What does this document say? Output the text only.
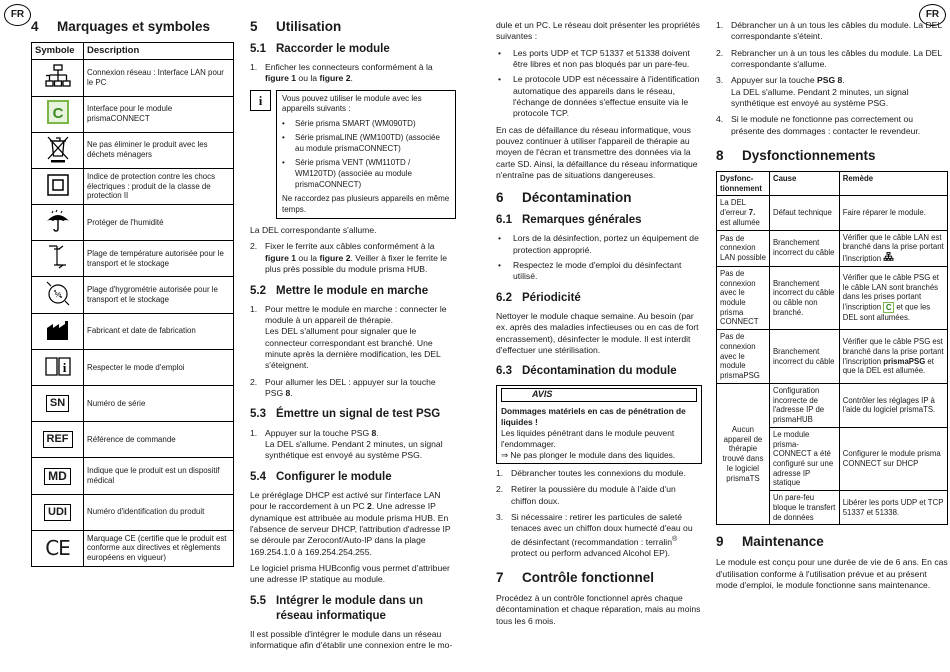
FR	FR
4	Marquages et symboles
Symbole	Description

	Connexion réseau : Interface LAN pour le PC

C	Interface pour le module prismaCONNECT

	Ne pas éliminer le produit avec les déchets ménagers

	Indice de protection contre les chocs électriques : produit de la classe de protection II

	Protéger de l'humidité

	Plage de température autorisée pour le transport et le stockage

%	Plage d'hygrométrie autorisée pour le transport et le stockage

	Fabricant et date de fabrication

i	Respecter le mode d'emploi
SN	Numéro de série
REF	Référence de commande
MD	Indique que le produit est un dispositif médical
UDI	Numéro d'identification du produit
CE	Marquage CE (certifie que le produit est conforme aux directives et règlements européens en vigueur)
5	Utilisation
5.1 Raccorder le module
1. Enficher les connecteurs conformément à la figure 1 ou la figure 2.
i	Vous pouvez utiliser le module avec les appareils suivants :
• Série prisma SMART (WM090TD)
• Série prismaLINE (WM100TD) (associée au module prismaCONNECT)
• Série prisma VENT (WM110TD / WM120TD) (associée au module prismaCONNECT)
Ne raccordez pas plusieurs appareils en même temps.

La DEL correspondante s'allume.

2. Fixer le ferrite aux câbles conformément à la figure 1 ou la figure 2. Veiller à fixer le ferrite le plus près possible du module prisma HUB.
5.2 Mettre le module en marche
1. Pour mettre le module en marche : connecter le module à un appareil de thérapie.
Les DEL s'allument pour signaler que le connecteur correspondant est branché. Une minute après la dernière modification, les DEL s'éteignent.
2. Pour allumer les DEL : appuyer sur la touche PSG 8.
5.3 Émettre un signal de test PSG
1. Appuyer sur la touche PSG 8.
La DEL s'allume. Pendant 2 minutes, un signal synthétique est envoyé au système PSG.
5.4 Configurer le module

Le préréglage DHCP est activé sur l'interface LAN pour le raccordement à un PC 2. Une adresse IP dynamique est attribuée au module prisma HUB. En l'absence de serveur DHCP, l'attribution d'adresse IP se déroule par Zeroconf/Auto-IP dans la plage 169.254.1.0 à 169.254.254.255.

Le logiciel prisma HUBconfig vous permet d'attribuer une adresse IP statique au module.

5.5 Intégrer le module dans un réseau informatique

Il est possible d'intégrer le module dans un réseau informatique afin d'établir une connexion entre le mo-

dule et un PC. Le réseau doit présenter les propriétés suivantes :

• Les ports UDP et TCP 51337 et 51338 doivent être libres et non pas bloqués par un pare-feu.
• Le protocole UDP est nécessaire à l'identification automatique des appareils dans le réseau, l'échange de données s'effectue ensuite via le protocole TCP.

En cas de défaillance du réseau informatique, vous pouvez continuer à utiliser l'appareil de thérapie au moyen de l'écran et transmettre des données via la carte SD. Ainsi, la défaillance du réseau informatique n'entraîne pas de situations dangereuses.

6	Décontamination
6.1 Remarques générales
• Lors de la désinfection, portez un équipement de protection approprié.
• Respectez le mode d'emploi du désinfectant utilisé.
6.2 Périodicité

Nettoyer le module chaque semaine. Au besoin (par ex. après des maladies infectieuses ou en cas de fort encrassement), désinfecter le module. Il est interdit d'effectuer une stérilisation.

6.3 Décontamination du module
AVIS
Dommages matériels en cas de pénétration de liquides !
Les liquides pénétrant dans le module peuvent l'endommager.
⇒ Ne pas plonger le module dans des liquides.
1. Débrancher toutes les connexions du module.
2. Retirer la poussière du module à l'aide d'un chiffon doux.
3. Si nécessaire : retirer les particules de saleté tenaces avec un chiffon doux humecté d'eau ou de désinfectant (recommandation : terralin® protect ou perform advanced Alcohol EP).
7	Contrôle fonctionnel

Procédez à un contrôle fonctionnel après chaque décontamination et chaque réparation, mais au moins tous les 6 mois.

1. Débrancher un à un tous les câbles du module. La DEL correspondante s'éteint.
2. Rebrancher un à un tous les câbles du module. La DEL correspondante s'allume.
3. Appuyer sur la touche PSG 8.
La DEL s'allume. Pendant 2 minutes, un signal synthétique est envoyé au système PSG.
4. Si le module ne fonctionne pas correctement ou présente des dommages : contacter le revendeur.
8	Dysfonctionnements
Dysfonc-tionnement	Cause	Remède
La DEL d'erreur 7. est allumée	Défaut technique	Faire réparer le module.
Pas de connexion LAN possible	Branchement incorrect du câble	Vérifier que le câble LAN est branché dans la prise portant l'inscription
Pas de connexion avec le module prisma CONNECT	Branchement incorrect du câble ou câble non branché.	Vérifier que le câble PSG et le câble LAN sont branchés dans les prises portant l'inscription C et que les DEL sont allumées.
Pas de connexion avec le module prismaPSG	Branchement incorrect du câble	Vérifier que le câble PSG est branché dans la prise portant l'inscription prismaPSG et que la DEL est allumée.
Aucun appareil de thérapie trouvé dans le logiciel prismaTS	Configuration incorrecte de l'adresse IP de prismaHUB	Contrôler les réglages IP à l'aide du logiciel prismaTS.
	Le module prisma-CONNECT a été configuré sur une adresse IP statique	Configurer le module prisma CONNECT sur DHCP
	Un pare-feu bloque le transfert de données	Libérer les ports UDP et TCP 51337 et 51338.
9	Maintenance

Le module est conçu pour une durée de vie de 6 ans. En cas d'utilisation conforme à l'utilisation prévue et au présent mode d'emploi, le module fonctionne sans maintenance.
